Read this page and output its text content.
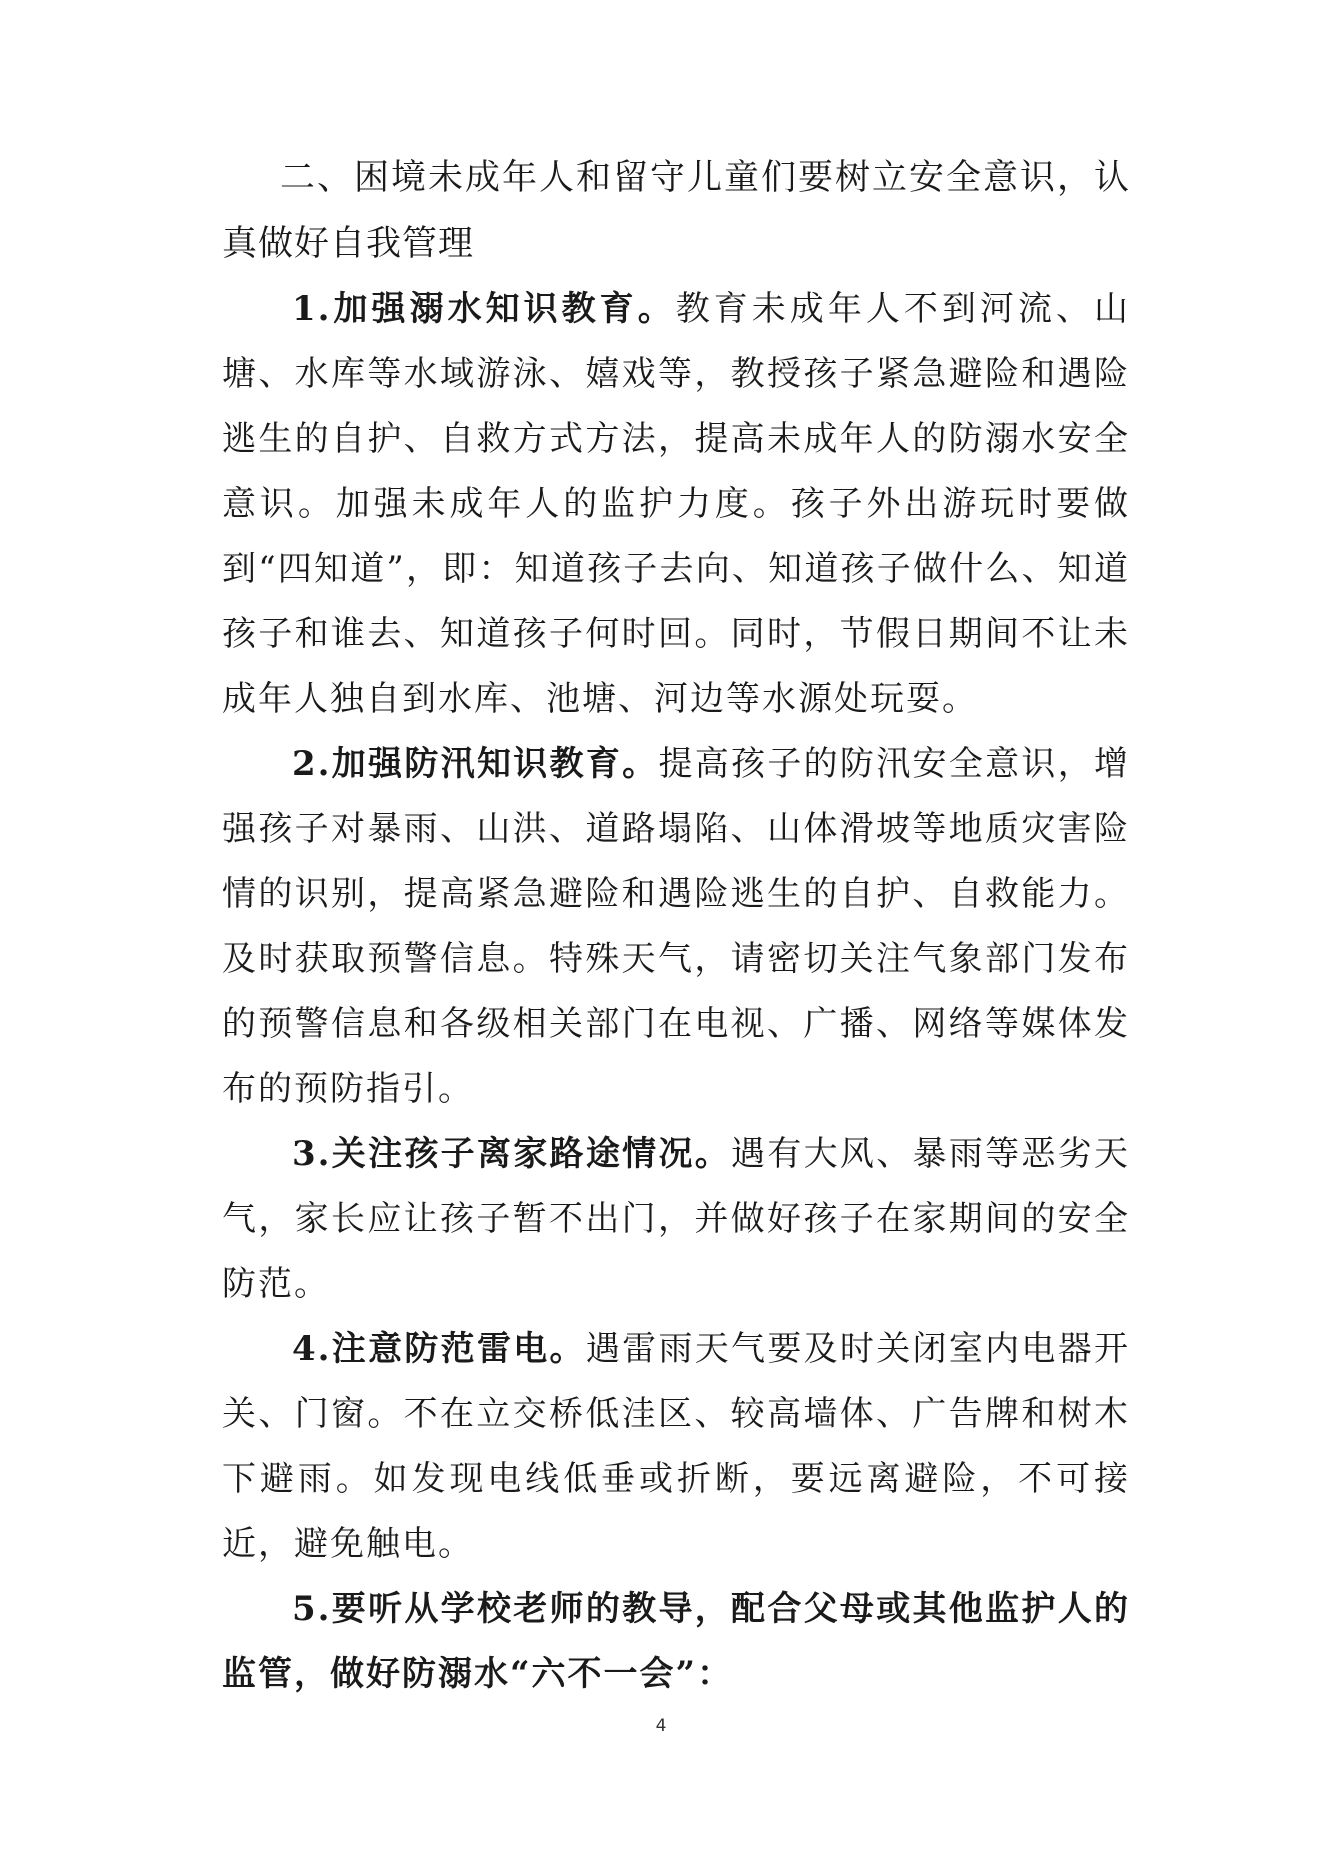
二、困境未成年人和留守儿童们要树立安全意识，认真做好自我管理

1.加强溺水知识教育。教育未成年人不到河流、山塘、水库等水域游泳、嬉戏等，教授孩子紧急避险和遇险逃生的自护、自救方式方法，提高未成年人的防溺水安全意识。加强未成年人的监护力度。孩子外出游玩时要做到“四知道”，即：知道孩子去向、知道孩子做什么、知道孩子和谁去、知道孩子何时回。同时，节假日期间不让未成年人独自到水库、池塘、河边等水源处玩耍。

2.加强防汛知识教育。提高孩子的防汛安全意识，增强孩子对暴雨、山洪、道路塌陷、山体滑坡等地质灾害险情的识别，提高紧急避险和遇险逃生的自护、自救能力。及时获取预警信息。特殊天气，请密切关注气象部门发布的预警信息和各级相关部门在电视、广播、网络等媒体发布的预防指引。

3.关注孩子离家路途情况。遇有大风、暴雨等恶劣天气，家长应让孩子暂不出门，并做好孩子在家期间的安全防范。

4.注意防范雷电。遇雷雨天气要及时关闭室内电器开关、门窗。不在立交桥低洼区、较高墙体、广告牌和树木下避雨。如发现电线低垂或折断，要远离避险，不可接近，避免触电。

5.要听从学校老师的教导，配合父母或其他监护人的监管，做好防溺水“六不一会”：

4
